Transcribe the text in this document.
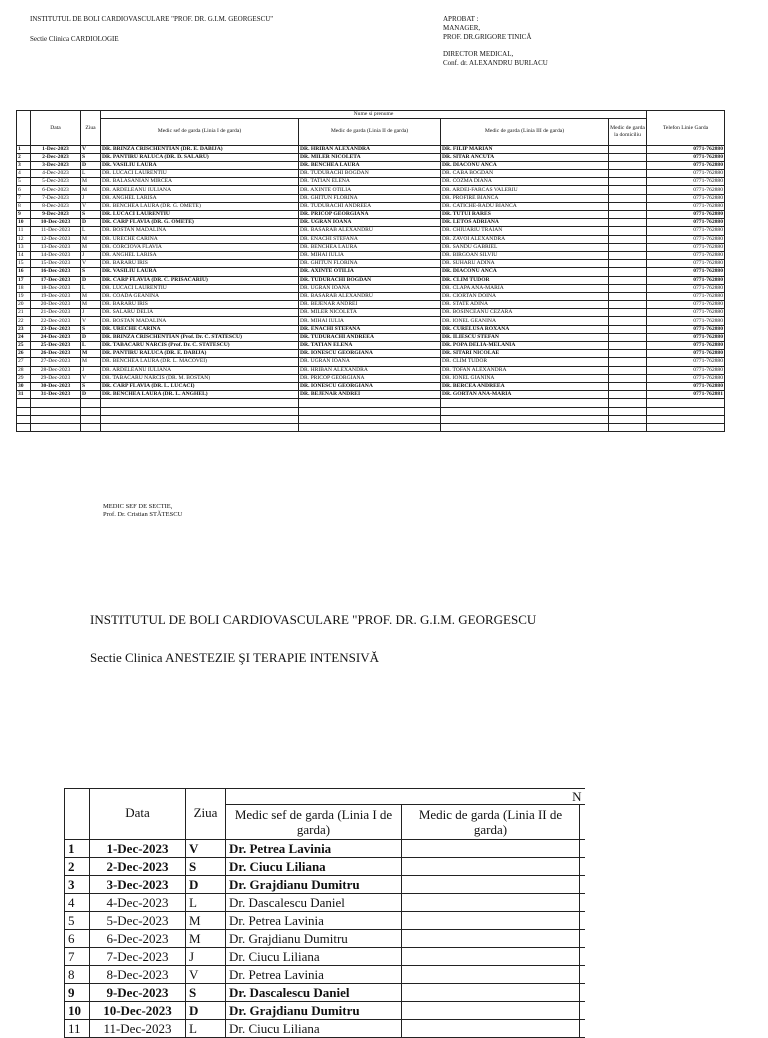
INSTITUTUL DE BOLI CARDIOVASCULARE "PROF. DR. G.I.M. GEORGESCU"
Sectie Clinica CARDIOLOGIE
APROBAT :
MANAGER,
PROF. DR.GRIGORE TINICĂ
DIRECTOR MEDICAL,
Conf. dr. ALEXANDRU BURLACU
	Data	Ziua	Nume si prenume				Telefon Linie Garda
			Medic sef de garda (Linia I de garda)	Medic de garda (Linia II de garda)	Medic de garda (Linia III de garda)	Medic de garda la domiciliu	
1	1-Dec-2023	V	DR. BRINZA CRISCHENTIAN (DR. E. DABIJA)	DR. HRIBAN ALEXANDRA	DR. FILIP MARIAN		0771-762880
2	2-Dec-2023	S	DR. PANTIRU RALUCA (DR. D. SALARU)	DR. MILER NICOLETA	DR. SITAR ANCUTA		0771-762880
3	3-Dec-2023	D	DR. VASILIU LAURA	DR. BENCHEA LAURA	DR. DIACONU ANCA		0771-762880
4	4-Dec-2023	L	DR. LUCACI LAURENTIU	DR. TUDURACHI BOGDAN	DR. CABA BOGDAN		0771-762880
5	5-Dec-2023	M	DR. BALASANIAN MIRCEA	DR. TATIAN ELENA	DR. COZMA DIANA		0771-762880
6	6-Dec-2023	M	DR. ARDELEANU IULIANA	DR. AXINTE OTILIA	DR. ARDEI-FARCAS VALERIU		0771-762880
7	7-Dec-2023	J	DR. ANGHEL LARISA	DR. GHITUN FLORINA	DR. PROFIRE BIANCA		0771-762880
8	8-Dec-2023	V	DR. BENCHEA LAURA (DR. G. OMETE)	DR. TUDURACHI ANDREEA	DR. CATICHE-RADU BIANCA		0771-762880
9	9-Dec-2023	S	DR. LUCACI LAURENTIU	DR. PRICOP GEORGIANA	DR. TUTUI RARES		0771-762880
10	10-Dec-2023	D	DR. CARP FLAVIA (DR. G. OMETE)	DR. UGRAN IOANA	DR. LETOS ADRIANA		0771-762880
11	11-Dec-2023	L	DR. BOSTAN MADALINA	DR. BASARAB ALEXANDRU	DR. CHIUARIU TRAIAN		0771-762880
12	12-Dec-2023	M	DR. URECHE CARINA	DR. ENACHI STEFANA	DR. ZAVOI ALEXANDRA		0771-762880
13	13-Dec-2023	M	DR. CORCIOVA FLAVIA	DR. BENCHEA LAURA	DR. SANDU GABRIEL		0771-762880
14	14-Dec-2023	J	DR. ANGHEL LARISA	DR. MIHAI IULIA	DR. BIRGOAN SILVIU		0771-762880
15	15-Dec-2023	V	DR. BARARU IRIS	DR. GHITUN FLORINA	DR. SUHARU ADINA		0771-762880
16	16-Dec-2023	S	DR. VASILIU LAURA	DR. AXINTE OTILIA	DR. DIACONU ANCA		0771-762880
17	17-Dec-2023	D	DR. CARP FLAVIA (DR. C. PRISACARIU)	DR. TUDURACHI BOGDAN	DR. CLIM TUDOR		0771-762880
18	18-Dec-2023	L	DR. LUCACI LAURENTIU	DR. UGRAN IOANA	DR. CLAPA ANA-MARIA		0771-762880
19	19-Dec-2023	M	DR. COADA GEANINA	DR. BASARAB ALEXANDRU	DR. CIORTAN DOINA		0771-762880
20	20-Dec-2023	M	DR. BARARU IRIS	DR. BEJENAR ANDREI	DR. STATE ADINA		0771-762880
21	21-Dec-2023	J	DR. SALARU DELIA	DR. MILER NICOLETA	DR. BOSINCEANU CEZARA		0771-762880
22	22-Dec-2023	V	DR. BOSTAN MADALINA	DR. MIHAI IULIA	DR. IONEL GEANINA		0771-762880
23	23-Dec-2023	S	DR. URECHE CARINA	DR. ENACHI STEFANA	DR. CURELUSA ROXANA		0771-762880
24	24-Dec-2023	D	DR. BRINZA CRISCHENTIAN (Prof. Dr. C. STATESCU)	DR. TUDURACHI ANDREEA	DR. ILIESCU STEFAN		0771-762880
25	25-Dec-2023	L	DR. TABACARU NARCIS (Prof. Dr. C. STATESCU)	DR. TATIAN ELENA	DR. POPA DELIA-MELANIA		0771-762880
26	26-Dec-2023	M	DR. PANTIRU RALUCA (DR. E. DABIJA)	DR. IONESCU GEORGIANA	DR. SITARI NICOLAE		0771-762880
27	27-Dec-2023	M	DR. BENCHEA LAURA (DR. L. MACOVEI)	DR. UGRAN IOANA	DR. CLIM TUDOR		0771-762880
28	28-Dec-2023	J	DR. ARDELEANU IULIANA	DR. HRIBAN ALEXANDRA	DR. TOFAN ALEXANDRA		0771-762880
29	29-Dec-2023	V	DR. TABACARU NARCIS (DR. M. BOSTAN)	DR. PRICOP GEORGIANA	DR. IONEL GIANINA		0771-762880
30	30-Dec-2023	S	DR. CARP FLAVIA (DR. L. LUCACI)	DR. IONESCU GEORGIANA	DR. BERCEA ANDREEA		0771-762880
31	31-Dec-2023	D	DR. BENCHEA LAURA (DR. L. ANGHEL)	DR. BEJENAR ANDREI	DR. GORTAN ANA-MARIA		0771-762881

MEDIC SEF DE SECTIE,
Prof. Dr. Cristian STĂTESCU
INSTITUTUL DE BOLI CARDIOVASCULARE "PROF. DR. G.I.M. GEORGESCU
Sectie Clinica ANESTEZIE ŞI TERAPIE INTENSIVĂ
	Data	Ziua	N		
			Medic sef de garda (Linia I de garda)	Medic de garda (Linia II de garda)	
1	1-Dec-2023	V	Dr. Petrea Lavinia		
2	2-Dec-2023	S	Dr. Ciucu Liliana		
3	3-Dec-2023	D	Dr. Grajdianu Dumitru		
4	4-Dec-2023	L	Dr. Dascalescu Daniel		
5	5-Dec-2023	M	Dr. Petrea Lavinia		
6	6-Dec-2023	M	Dr. Grajdianu Dumitru		
7	7-Dec-2023	J	Dr. Ciucu Liliana		
8	8-Dec-2023	V	Dr. Petrea Lavinia		
9	9-Dec-2023	S	Dr. Dascalescu Daniel		
10	10-Dec-2023	D	Dr. Grajdianu Dumitru		
11	11-Dec-2023	L	Dr. Ciucu Liliana		
